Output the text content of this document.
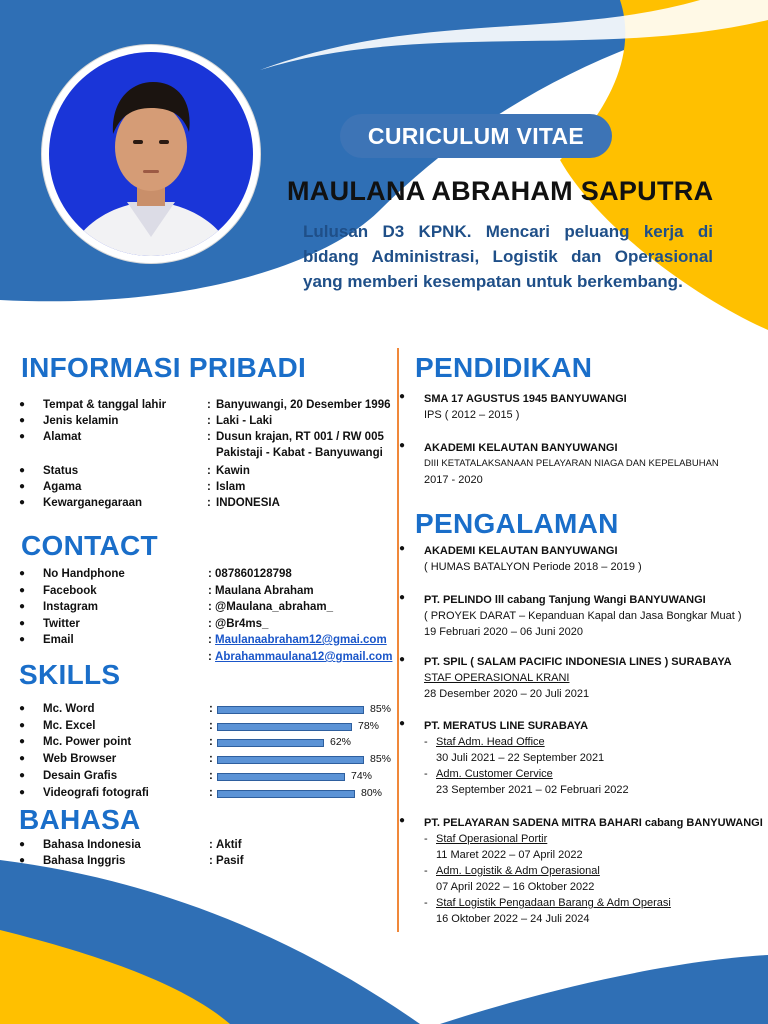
CURICULUM VITAE
MAULANA ABRAHAM SAPUTRA
Lulusan D3 KPNK. Mencari peluang kerja di bidang Administrasi, Logistik dan Operasional yang memberi kesempatan untuk berkembang.
INFORMASI PRIBADI
● Tempat & tanggal lahir	: Banyuwangi, 20 Desember 1996
● Jenis kelamin	: Laki - Laki
● Alamat	: Dusun krajan, RT 001 / RW 005
Pakistaji - Kabat - Banyuwangi
● Status	: Kawin
● Agama	: Islam
● Kewarganegaraan	: INDONESIA
CONTACT
● No Handphone	: 087860128798
● Facebook	: Maulana Abraham
● Instagram	: @Maulana_abraham_
● Twitter	: @Br4ms_
● Email	: Maulanaabraham12@gmai.com
: Abrahammaulana12@gmail.com
SKILLS
● Mc. Word	:	85%
● Mc. Excel	:	78%
● Mc. Power point	:	62%
● Web Browser	:	85%
● Desain Grafis	:	74%
● Videografi fotografi	:	80%
BAHASA
● Bahasa Indonesia	: Aktif
● Bahasa Inggris	: Pasif
PENDIDIKAN
● SMA 17 AGUSTUS 1945 BANYUWANGI
IPS ( 2012 – 2015 )
● AKADEMI KELAUTAN BANYUWANGI
DIII KETATALAKSANAAN PELAYARAN NIAGA DAN KEPELABUHAN
2017 - 2020
PENGALAMAN
● AKADEMI KELAUTAN BANYUWANGI
( HUMAS BATALYON Periode 2018 – 2019 )
● PT. PELINDO lll cabang Tanjung Wangi BANYUWANGI
( PROYEK DARAT – Kepanduan Kapal dan Jasa Bongkar Muat )
19 Februari 2020 – 06 Juni 2020
● PT. SPIL ( SALAM PACIFIC INDONESIA LINES ) SURABAYA
STAF OPERASIONAL KRANI
28 Desember 2020 – 20 Juli 2021
● PT. MERATUS LINE SURABAYA
- Staf Adm. Head Office
30 Juli 2021 – 22 September 2021
- Adm. Customer Cervice
23 September 2021 – 02 Februari 2022
● PT. PELAYARAN SADENA MITRA BAHARI cabang BANYUWANGI
- Staf Operasional Portir
11 Maret 2022 – 07 April 2022
- Adm. Logistik & Adm Operasional
07 April 2022 – 16 Oktober 2022
- Staf Logistik Pengadaan Barang & Adm Operasi
16 Oktober 2022 – 24 Juli 2024
